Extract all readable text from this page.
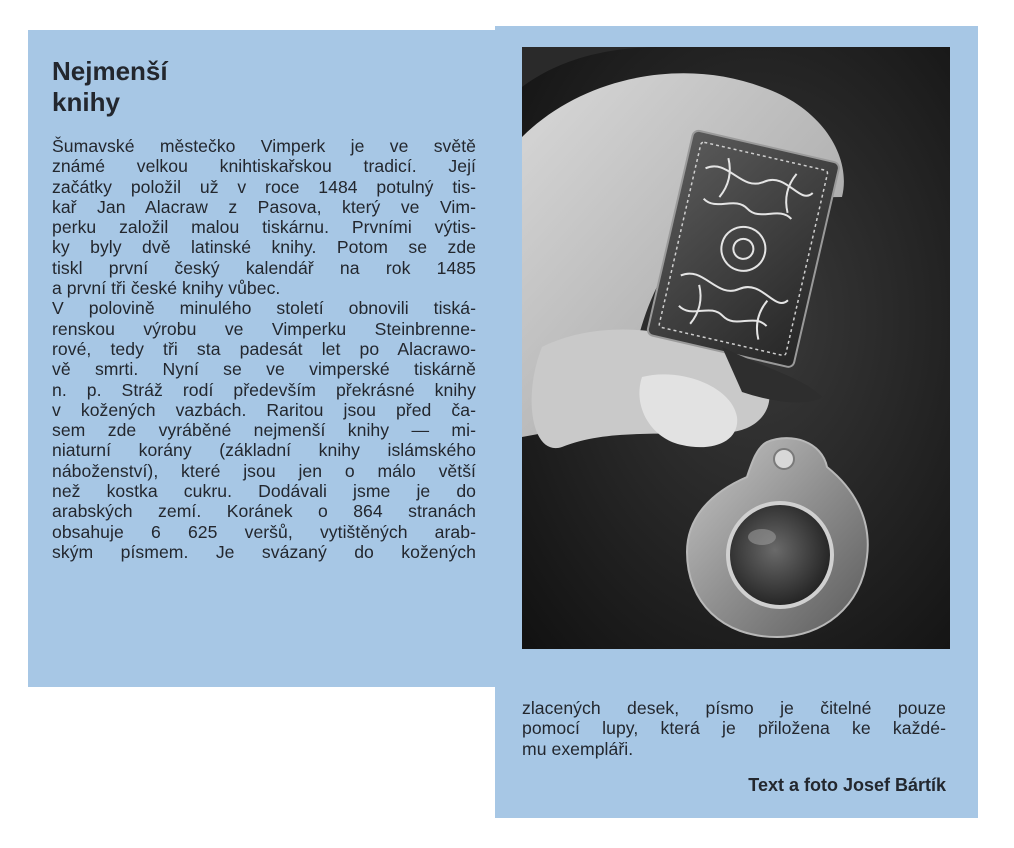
Nejmenší
knihy
Šumavské městečko Vimperk je ve světě
známé velkou knihtiskařskou tradicí. Její
začátky položil už v roce 1484 potulný tis-
kař Jan Alacraw z Pasova, který ve Vim-
perku založil malou tiskárnu. Prvními výtis-
ky byly dvě latinské knihy. Potom se zde
tiskl první český kalendář na rok 1485
a první tři české knihy vůbec.
V polovině minulého století obnovili tiská-
renskou výrobu ve Vimperku Steinbrenne-
rové, tedy tři sta padesát let po Alacrawo-
vě smrti. Nyní se ve vimperské tiskárně
n. p. Stráž rodí především překrásné knihy
v kožených vazbách. Raritou jsou před ča-
sem zde vyráběné nejmenší knihy — mi-
niaturní korány (základní knihy islámského
náboženství), které jsou jen o málo větší
než kostka cukru. Dodávali jsme je do
arabských zemí. Koránek o 864 stranách
obsahuje 6 625 veršů, vytištěných arab-
ským písmem. Je svázaný do kožených
zlacených desek, písmo je čitelné pouze
pomocí lupy, která je přiložena ke každé-
mu exempláři.

Text a foto Josef Bártík
